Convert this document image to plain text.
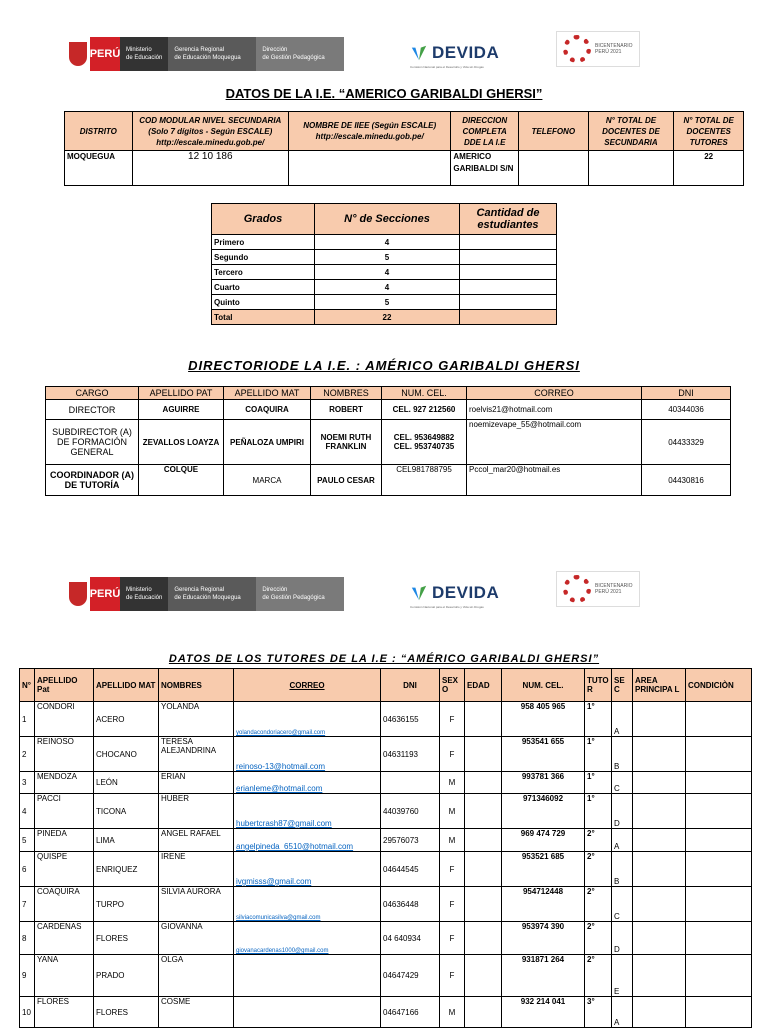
PERÚ Ministerio
de Educación
Gerencia Regional
de Educación Moquegua
Dirección
de Gestión Pedagógica	DEVIDA
Comisión Nacional para el Desarrollo y Vida sin Drogas
BICENTENARIO
PERÚ 2021
DATOS DE LA I.E. “AMERICO GARIBALDI GHERSI”
DISTRITO	COD MODULAR NIVEL SECUNDARIA (Solo 7 dígitos - Según ESCALE) http://escale.minedu.gob.pe/	NOMBRE DE IIEE (Según ESCALE) http://escale.minedu.gob.pe/	DIRECCION COMPLETA DDE LA I.E	TELEFONO	N° TOTAL DE DOCENTES DE SECUNDARIA	N° TOTAL DE DOCENTES TUTORES
MOQUEGUA	12 10 186		AMERICO GARIBALDI S/N			22
Grados	N° de Secciones	Cantidad de estudiantes
Primero	4	
Segundo	5	
Tercero	4	
Cuarto	4	
Quinto	5	
Total	22	
DIRECTORIODE LA I.E. : AMÉRICO GARIBALDI GHERSI
CARGO	APELLIDO PAT	APELLIDO MAT	NOMBRES	NUM. CEL.	CORREO	DNI
DIRECTOR	AGUIRRE	COAQUIRA	ROBERT	CEL. 927 212560	roelvis21@hotmail.com	40344036
SUBDIRECTOR (A) DE FORMACIÓN GENERAL	ZEVALLOS LOAYZA	PEÑALOZA UMPIRI	NOEMI RUTH FRANKLIN	CEL. 953649882 CEL. 953740735	noemizevape_55@hotmail.com	04433329
COORDINADOR (A) DE TUTORÍA	COLQUE	MARCA	PAULO CESAR	CEL981788795	Pccol_mar20@hotmail.es	04430816
PERÚ Ministerio
de Educación
Gerencia Regional
de Educación Moquegua
Dirección
de Gestión Pedagógica	DEVIDA
Comisión Nacional para el Desarrollo y Vida sin Drogas
BICENTENARIO
PERÚ 2021
DATOS DE LOS TUTORES DE LA I.E : “AMÉRICO GARIBALDI GHERSI”
N°	APELLIDO Pat	APELLIDO MAT	NOMBRES	CORREO	DNI	SEX O	EDAD	NUM. CEL.	TUTO R	SE C	AREA PRINCIPA L	CONDICIÒN
1	CONDORI	ACERO	YOLANDA	yolandacondoriacero@gmail.com	04636155	F		958 405 965	1°	A		
2	REINOSO	CHOCANO	TERESA ALEJANDRINA	reinoso-13@hotmail.com	04631193	F		953541 655	1°	B		
3	MENDOZA	LEÓN	ERIAN	erianleme@hotmail.com		M		993781 366	1°	C		
4	PACCI	TICONA	HUBER	hubertcrash87@gmail.com	44039760	M		971346092	1°	D		
5	PINEDA	LIMA	ANGEL RAFAEL	angelpineda_6510@hotmail.com	29576073	M		969 474 729	2°	A		
6	QUISPE	ENRIQUEZ	IRENE	ivgmisss@gmail.com	04644545	F		953521 685	2°	B		
7	COAQUIRA	TURPO	SILVIA AURORA	silviacomunicasilva@gmail.com	04636448	F		954712448	2°	C		
8	CARDENAS	FLORES	GIOVANNA	giovanacardenas1000@gmail.com	04 640934	F		953974 390	2°	D		
9	YANA	PRADO	OLGA		04647429	F		931871 264	2°	E		
10	FLORES	FLORES	COSME		04647166	M		932 214 041	3°	A		
